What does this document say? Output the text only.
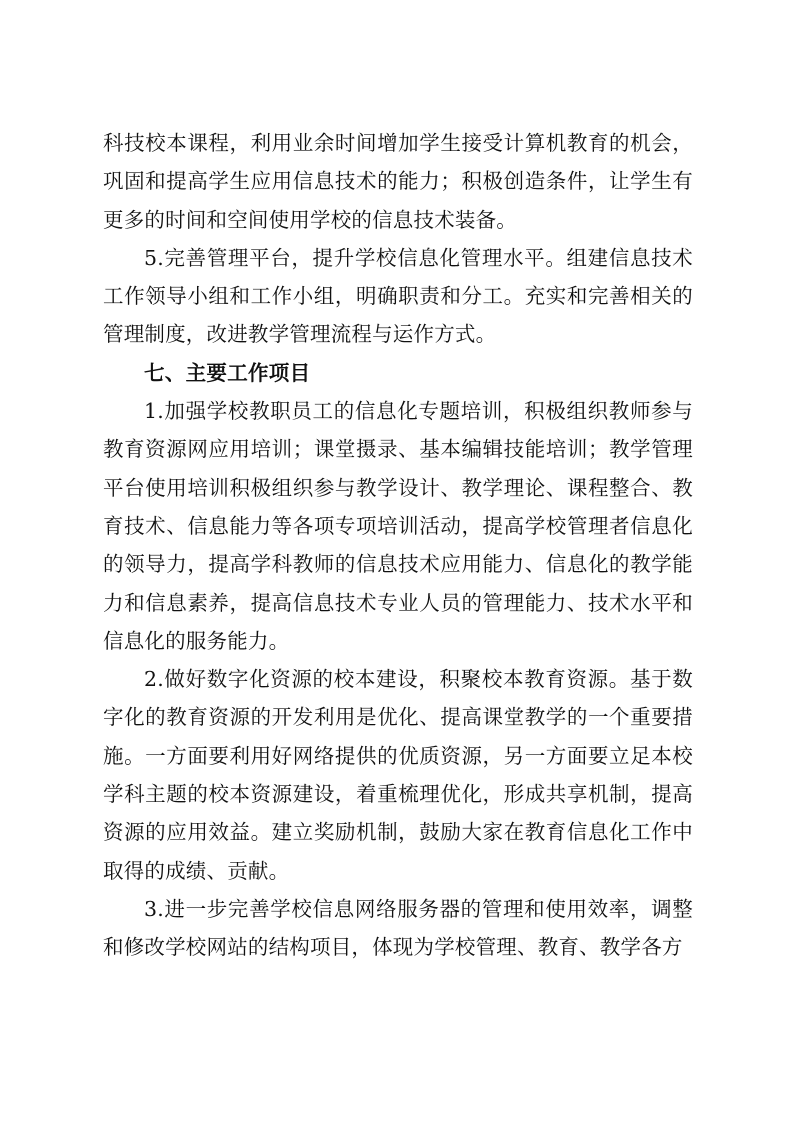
科技校本课程，利用业余时间增加学生接受计算机教育的机会，巩固和提高学生应用信息技术的能力；积极创造条件，让学生有更多的时间和空间使用学校的信息技术装备。

5.完善管理平台，提升学校信息化管理水平。组建信息技术工作领导小组和工作小组，明确职责和分工。充实和完善相关的管理制度，改进教学管理流程与运作方式。

七、主要工作项目

1.加强学校教职员工的信息化专题培训，积极组织教师参与教育资源网应用培训；课堂摄录、基本编辑技能培训；教学管理平台使用培训积极组织参与教学设计、教学理论、课程整合、教育技术、信息能力等各项专项培训活动，提高学校管理者信息化的领导力，提高学科教师的信息技术应用能力、信息化的教学能力和信息素养，提高信息技术专业人员的管理能力、技术水平和信息化的服务能力。

2.做好数字化资源的校本建设，积聚校本教育资源。基于数字化的教育资源的开发利用是优化、提高课堂教学的一个重要措施。一方面要利用好网络提供的优质资源，另一方面要立足本校学科主题的校本资源建设，着重梳理优化，形成共享机制，提高资源的应用效益。建立奖励机制，鼓励大家在教育信息化工作中取得的成绩、贡献。

3.进一步完善学校信息网络服务器的管理和使用效率，调整和修改学校网站的结构项目，体现为学校管理、教育、教学各方
